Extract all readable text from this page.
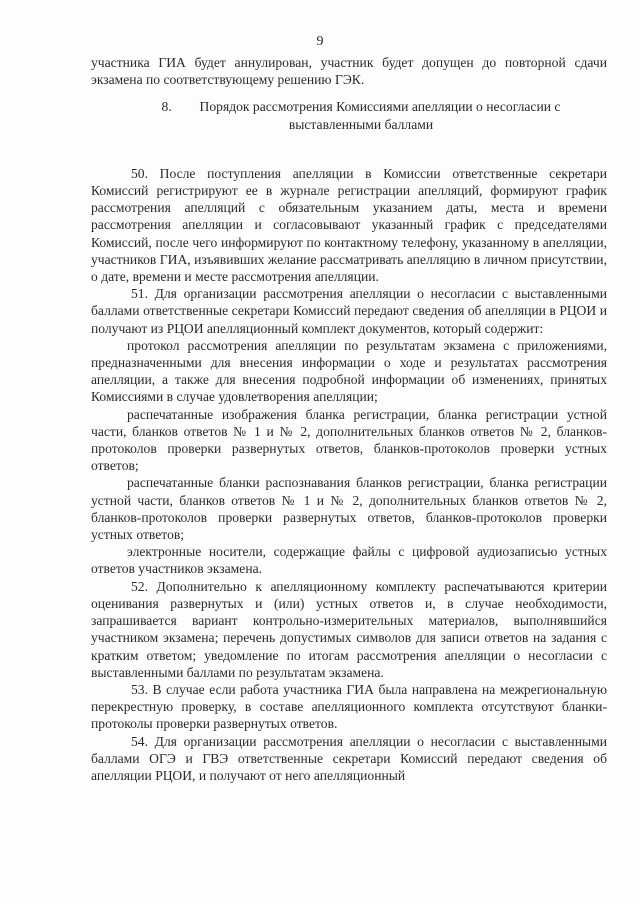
9

участника ГИА будет аннулирован, участник будет допущен до повторной сдачи экзамена по соответствующему решению ГЭК.

8. Порядок рассмотрения Комиссиями апелляции о несогласии с выставленными баллами

50. После поступления апелляции в Комиссии ответственные секретари Комиссий регистрируют ее в журнале регистрации апелляций, формируют график рассмотрения апелляций с обязательным указанием даты, места и времени рассмотрения апелляции и согласовывают указанный график с председателями Комиссий, после чего информируют по контактному телефону, указанному в апелляции, участников ГИА, изъявивших желание рассматривать апелляцию в личном присутствии, о дате, времени и месте рассмотрения апелляции.

51. Для организации рассмотрения апелляции о несогласии с выставленными баллами ответственные секретари Комиссий передают сведения об апелляции в РЦОИ и получают из РЦОИ апелляционный комплект документов, который содержит:

протокол рассмотрения апелляции по результатам экзамена с приложениями, предназначенными для внесения информации о ходе и результатах рассмотрения апелляции, а также для внесения подробной информации об изменениях, принятых Комиссиями в случае удовлетворения апелляции;

распечатанные изображения бланка регистрации, бланка регистрации устной части, бланков ответов № 1 и № 2, дополнительных бланков ответов № 2, бланков-протоколов проверки развернутых ответов, бланков-протоколов проверки устных ответов;

распечатанные бланки распознавания бланков регистрации, бланка регистрации устной части, бланков ответов № 1 и № 2, дополнительных бланков ответов № 2, бланков-протоколов проверки развернутых ответов, бланков-протоколов проверки устных ответов;

электронные носители, содержащие файлы с цифровой аудиозаписью устных ответов участников экзамена.

52. Дополнительно к апелляционному комплекту распечатываются критерии оценивания развернутых и (или) устных ответов и, в случае необходимости, запрашивается вариант контрольно-измерительных материалов, выполнявшийся участником экзамена; перечень допустимых символов для записи ответов на задания с кратким ответом; уведомление по итогам рассмотрения апелляции о несогласии с выставленными баллами по результатам экзамена.

53. В случае если работа участника ГИА была направлена на межрегиональную перекрестную проверку, в составе апелляционного комплекта отсутствуют бланки-протоколы проверки развернутых ответов.

54. Для организации рассмотрения апелляции о несогласии с выставленными баллами ОГЭ и ГВЭ ответственные секретари Комиссий передают сведения об апелляции РЦОИ, и получают от него апелляционный
